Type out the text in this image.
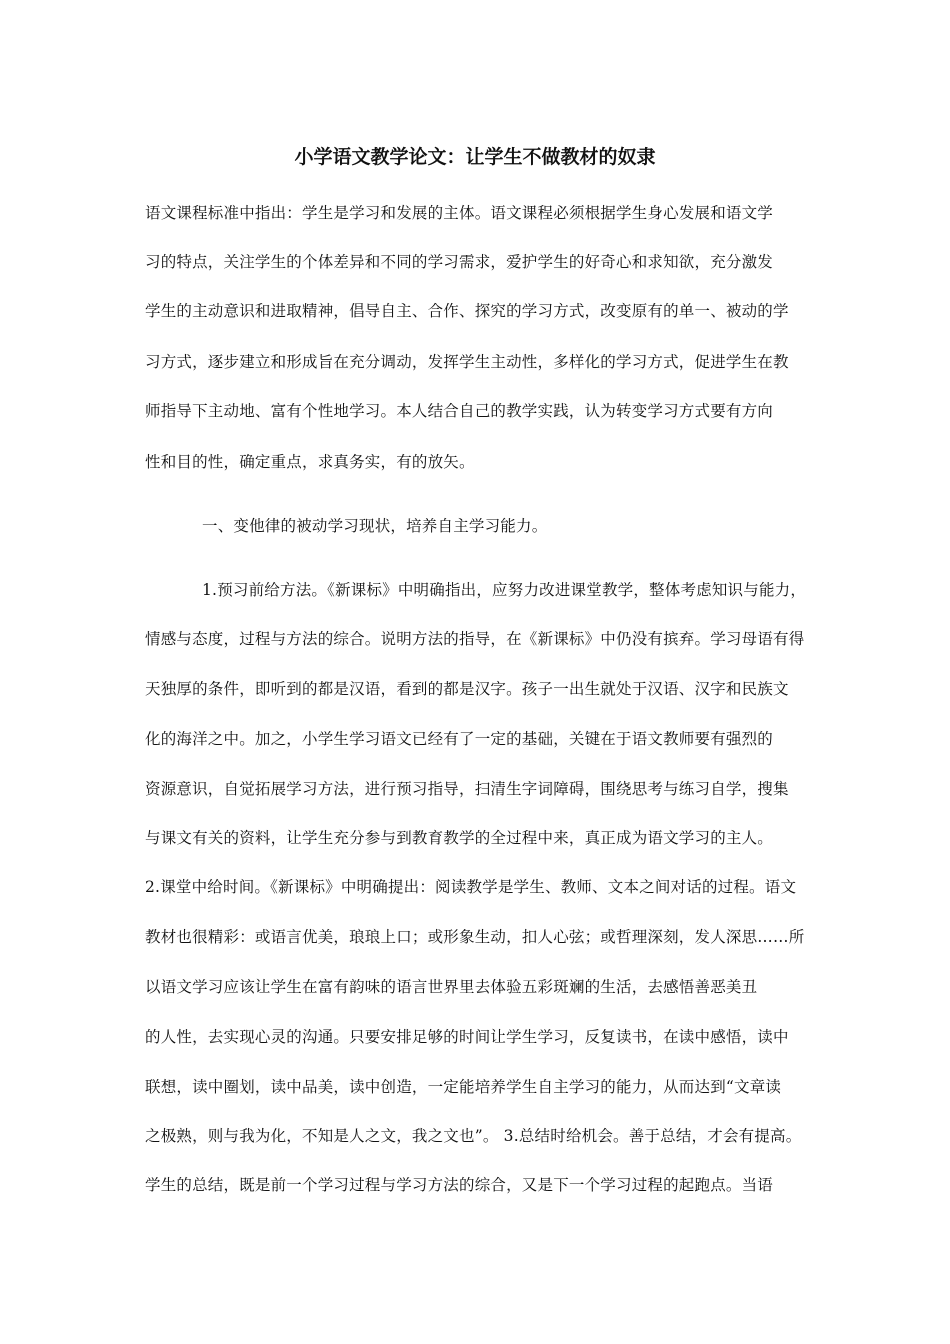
小学语文教学论文：让学生不做教材的奴隶
语文课程标准中指出：学生是学习和发展的主体。语文课程必须根据学生身心发展和语文学
习的特点，关注学生的个体差异和不同的学习需求，爱护学生的好奇心和求知欲，充分激发
学生的主动意识和进取精神，倡导自主、合作、探究的学习方式，改变原有的单一、被动的学
习方式，逐步建立和形成旨在充分调动，发挥学生主动性，多样化的学习方式，促进学生在教
师指导下主动地、富有个性地学习。本人结合自己的教学实践，认为转变学习方式要有方向
性和目的性，确定重点，求真务实，有的放矢。
一、变他律的被动学习现状，培养自主学习能力。
1.预习前给方法。《新课标》中明确指出，应努力改进课堂教学，整体考虑知识与能力，
情感与态度，过程与方法的综合。说明方法的指导，在《新课标》中仍没有摈弃。学习母语有得
天独厚的条件，即听到的都是汉语，看到的都是汉字。孩子一出生就处于汉语、汉字和民族文
化的海洋之中。加之，小学生学习语文已经有了一定的基础，关键在于语文教师要有强烈的
资源意识，自觉拓展学习方法，进行预习指导，扫清生字词障碍，围绕思考与练习自学，搜集
与课文有关的资料，让学生充分参与到教育教学的全过程中来，真正成为语文学习的主人。
2.课堂中给时间。《新课标》中明确提出：阅读教学是学生、教师、文本之间对话的过程。语文
教材也很精彩：或语言优美，琅琅上口；或形象生动，扣人心弦；或哲理深刻，发人深思……所
以语文学习应该让学生在富有韵味的语言世界里去体验五彩斑斓的生活，去感悟善恶美丑
的人性，去实现心灵的沟通。只要安排足够的时间让学生学习，反复读书，在读中感悟，读中
联想，读中圈划，读中品美，读中创造，一定能培养学生自主学习的能力，从而达到“文章读
之极熟，则与我为化，不知是人之文，我之文也”。 3.总结时给机会。善于总结，才会有提高。
学生的总结，既是前一个学习过程与学习方法的综合，又是下一个学习过程的起跑点。当语
